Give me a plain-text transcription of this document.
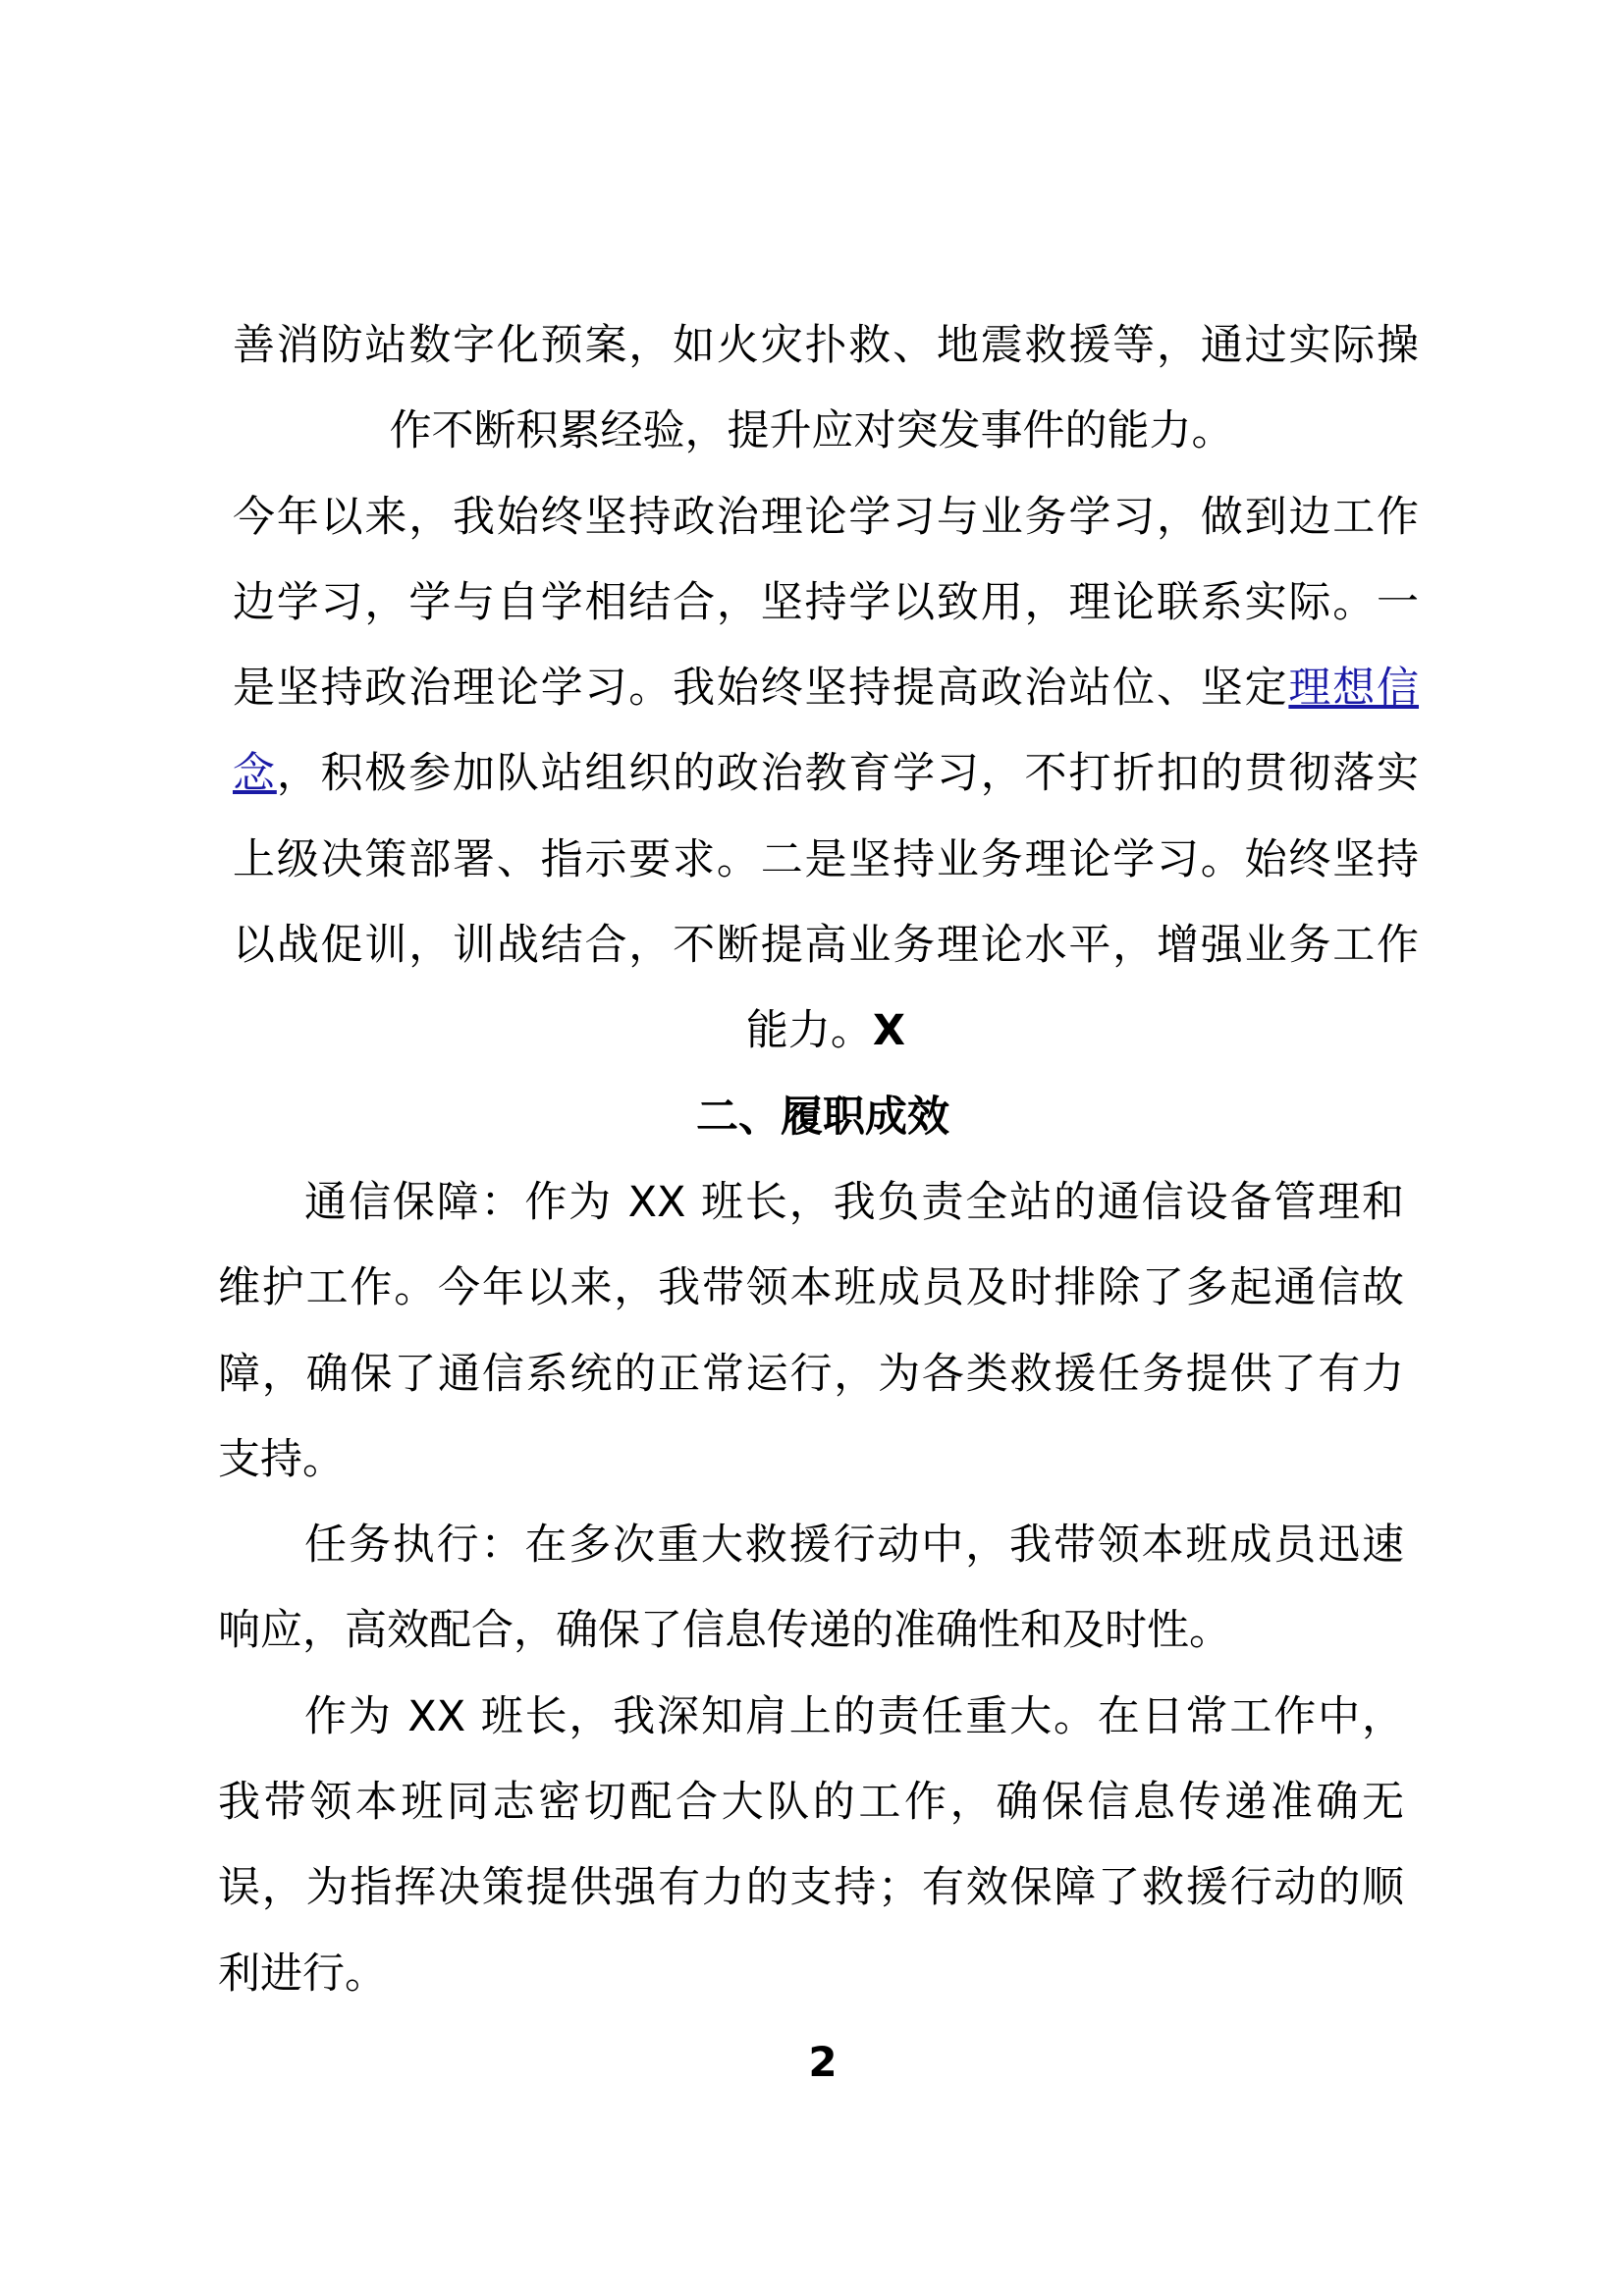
善消防站数字化预案，如火灾扑救、地震救援等，通过实际操
作不断积累经验，提升应对突发事件的能力。
今年以来，我始终坚持政治理论学习与业务学习，做到边工作
边学习，学与自学相结合，坚持学以致用，理论联系实际。一
是坚持政治理论学习。我始终坚持提高政治站位、坚定理想信
念，积极参加队站组织的政治教育学习，不打折扣的贯彻落实
上级决策部署、指示要求。二是坚持业务理论学习。始终坚持
以战促训，训战结合，不断提高业务理论水平，增强业务工作
能力。X
二、履职成效
通信保障：作为 XX 班长，我负责全站的通信设备管理和
维护工作。今年以来，我带领本班成员及时排除了多起通信故
障，确保了通信系统的正常运行，为各类救援任务提供了有力
支持。
任务执行：在多次重大救援行动中，我带领本班成员迅速
响应，高效配合，确保了信息传递的准确性和及时性。
作为 XX 班长，我深知肩上的责任重大。在日常工作中，
我带领本班同志密切配合大队的工作，确保信息传递准确无
误，为指挥决策提供强有力的支持；有效保障了救援行动的顺
利进行。
2
